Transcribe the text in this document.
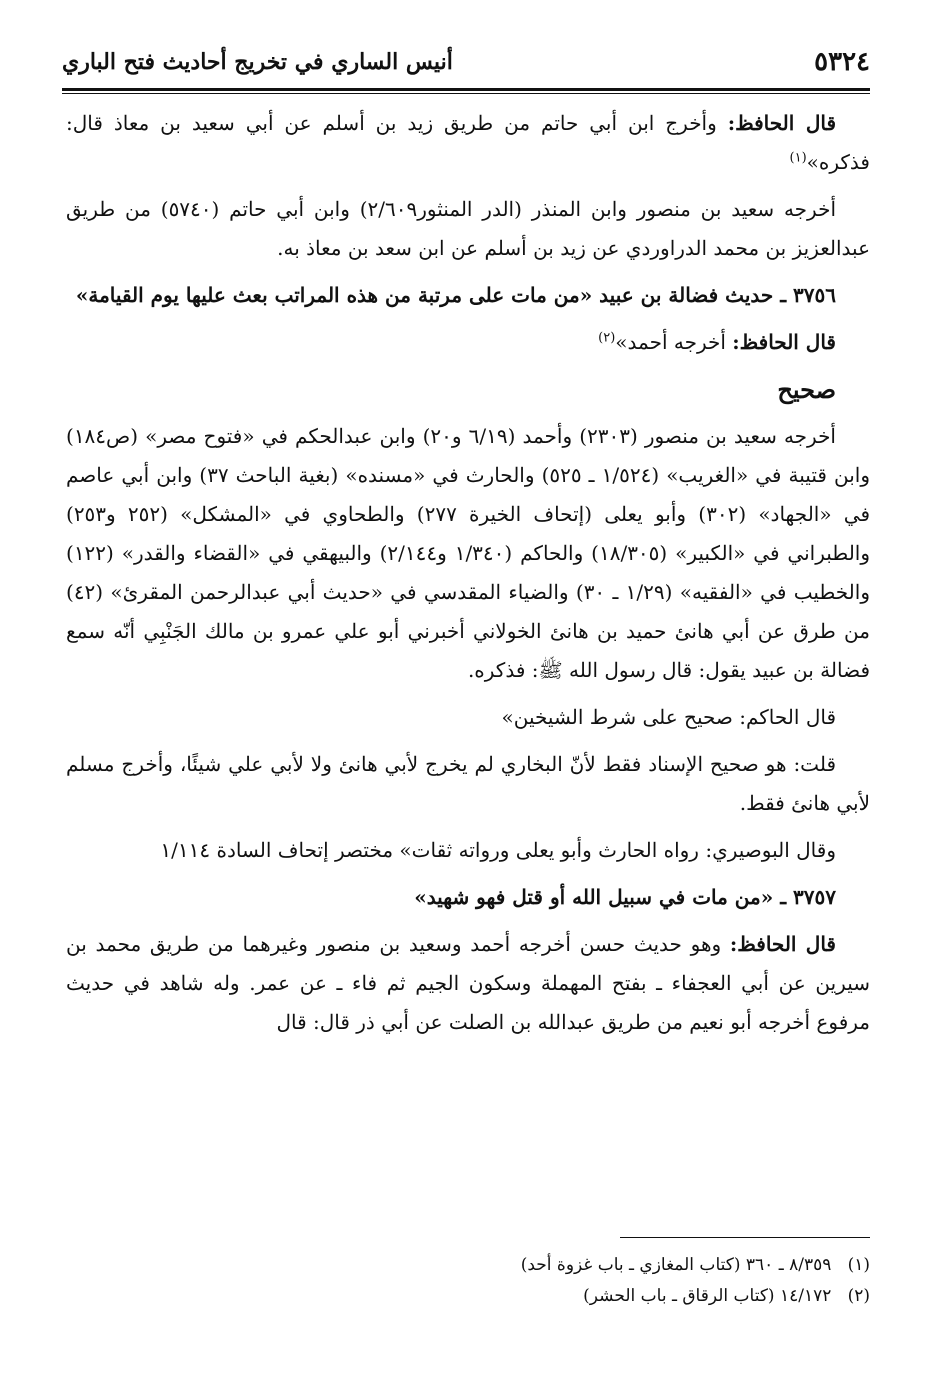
٥٣٢٤
أنيس الساري في تخريج أحاديث فتح الباري

قال الحافظ: وأخرج ابن أبي حاتم من طريق زيد بن أسلم عن أبي سعيد بن معاذ قال: فذكره»$^{(١)}$

أخرجه سعيد بن منصور وابن المنذر (الدر المنثور٢/٦٠٩) وابن أبي حاتم (٥٧٤٠) من طريق عبدالعزيز بن محمد الدراوردي عن زيد بن أسلم عن ابن سعد بن معاذ به.

٣٧٥٦ ـ حديث فضالة بن عبيد «من مات على مرتبة من هذه المراتب بعث عليها يوم القيامة»

قال الحافظ: أخرجه أحمد»$^{(٢)}$

صحيح

أخرجه سعيد بن منصور (٢٣٠٣) وأحمد (٦/١٩ و٢٠) وابن عبدالحكم في «فتوح مصر» (ص١٨٤) وابن قتيبة في «الغريب» (١/٥٢٤ ـ ٥٢٥) والحارث في «مسنده» (بغية الباحث ٣٧) وابن أبي عاصم في «الجهاد» (٣٠٢) وأبو يعلى (إتحاف الخيرة ٢٧٧) والطحاوي في «المشكل» (٢٥٢ و٢٥٣) والطبراني في «الكبير» (١٨/٣٠٥) والحاكم (١/٣٤٠ و٢/١٤٤) والبيهقي في «القضاء والقدر» (١٢٢) والخطيب في «الفقيه» (١/٢٩ ـ ٣٠) والضياء المقدسي في «حديث أبي عبدالرحمن المقرئ» (٤٢) من طرق عن أبي هانئ حميد بن هانئ الخولاني أخبرني أبو علي عمرو بن مالك الجَنْبِي أنّه سمع فضالة بن عبيد يقول: قال رسول الله ﷺ: فذكره.

قال الحاكم: صحيح على شرط الشيخين»

قلت: هو صحيح الإسناد فقط لأنّ البخاري لم يخرج لأبي هانئ ولا لأبي علي شيئًا، وأخرج مسلم لأبي هانئ فقط.

وقال البوصيري: رواه الحارث وأبو يعلى ورواته ثقات» مختصر إتحاف السادة ١/١١٤

٣٧٥٧ ـ «من مات في سبيل الله أو قتل فهو شهيد»

قال الحافظ: وهو حديث حسن أخرجه أحمد وسعيد بن منصور وغيرهما من طريق محمد بن سيرين عن أبي العجفاء ـ بفتح المهملة وسكون الجيم ثم فاء ـ عن عمر. وله شاهد في حديث مرفوع أخرجه أبو نعيم من طريق عبدالله بن الصلت عن أبي ذر قال: قال

(١)   ٨/٣٥٩ ـ ٣٦٠ (كتاب المغازي ـ باب غزوة أحد)
(٢)   ١٤/١٧٢ (كتاب الرقاق ـ باب الحشر)
